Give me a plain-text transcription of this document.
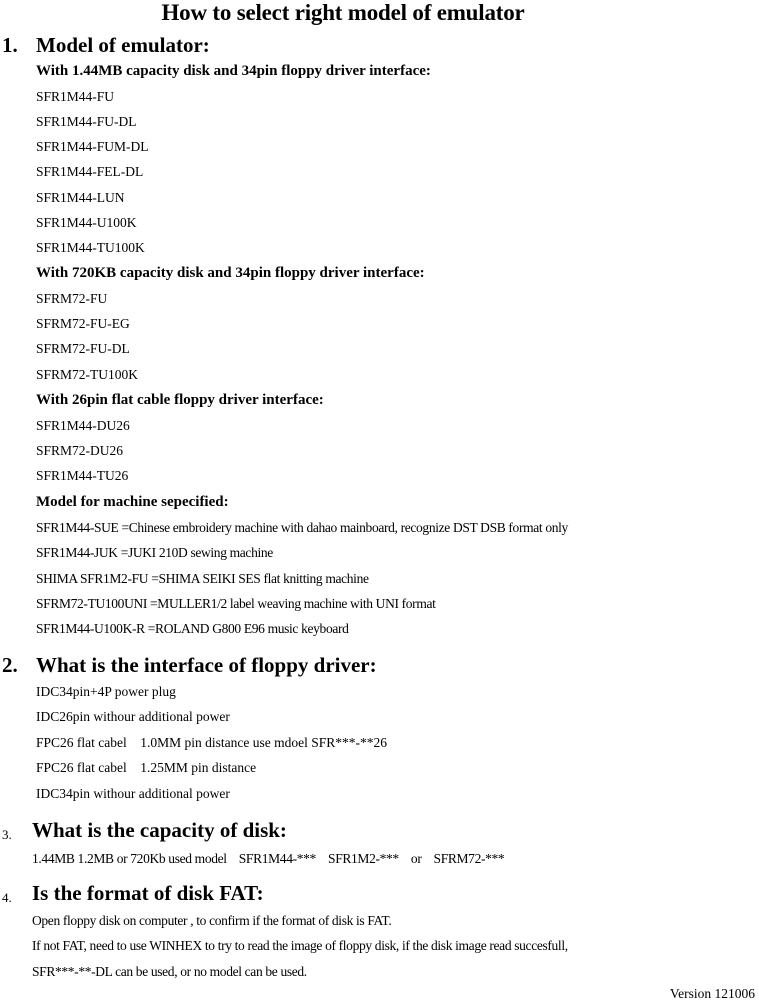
How to select right model of emulator
1. Model of emulator:
With 1.44MB capacity disk and 34pin floppy driver interface:
SFR1M44-FU
SFR1M44-FU-DL
SFR1M44-FUM-DL
SFR1M44-FEL-DL
SFR1M44-LUN
SFR1M44-U100K
SFR1M44-TU100K
With 720KB capacity disk and 34pin floppy driver interface:
SFRM72-FU
SFRM72-FU-EG
SFRM72-FU-DL
SFRM72-TU100K
With 26pin flat cable floppy driver interface:
SFR1M44-DU26
SFRM72-DU26
SFR1M44-TU26
Model for machine sepecified:
SFR1M44-SUE =Chinese embroidery machine with dahao mainboard, recognize DST DSB format only
SFR1M44-JUK =JUKI 210D sewing machine
SHIMA SFR1M2-FU =SHIMA SEIKI SES flat knitting machine
SFRM72-TU100UNI =MULLER1/2 label weaving machine with UNI format
SFR1M44-U100K-R =ROLAND G800 E96 music keyboard
2. What is the interface of floppy driver:
IDC34pin+4P power plug
IDC26pin withour additional power
FPC26 flat cabel    1.0MM pin distance use mdoel SFR***-**26
FPC26 flat cabel    1.25MM pin distance
IDC34pin withour additional power
3. What is the capacity of disk:
1.44MB 1.2MB or 720Kb used model    SFR1M44-***    SFR1M2-***    or    SFRM72-***
4. Is the format of disk FAT:
Open floppy disk on computer , to confirm if the format of disk is FAT.
If not FAT, need to use WINHEX to try to read the image of floppy disk, if the disk image read succesfull,
SFR***-**-DL can be used, or no model can be used.
Version 121006
